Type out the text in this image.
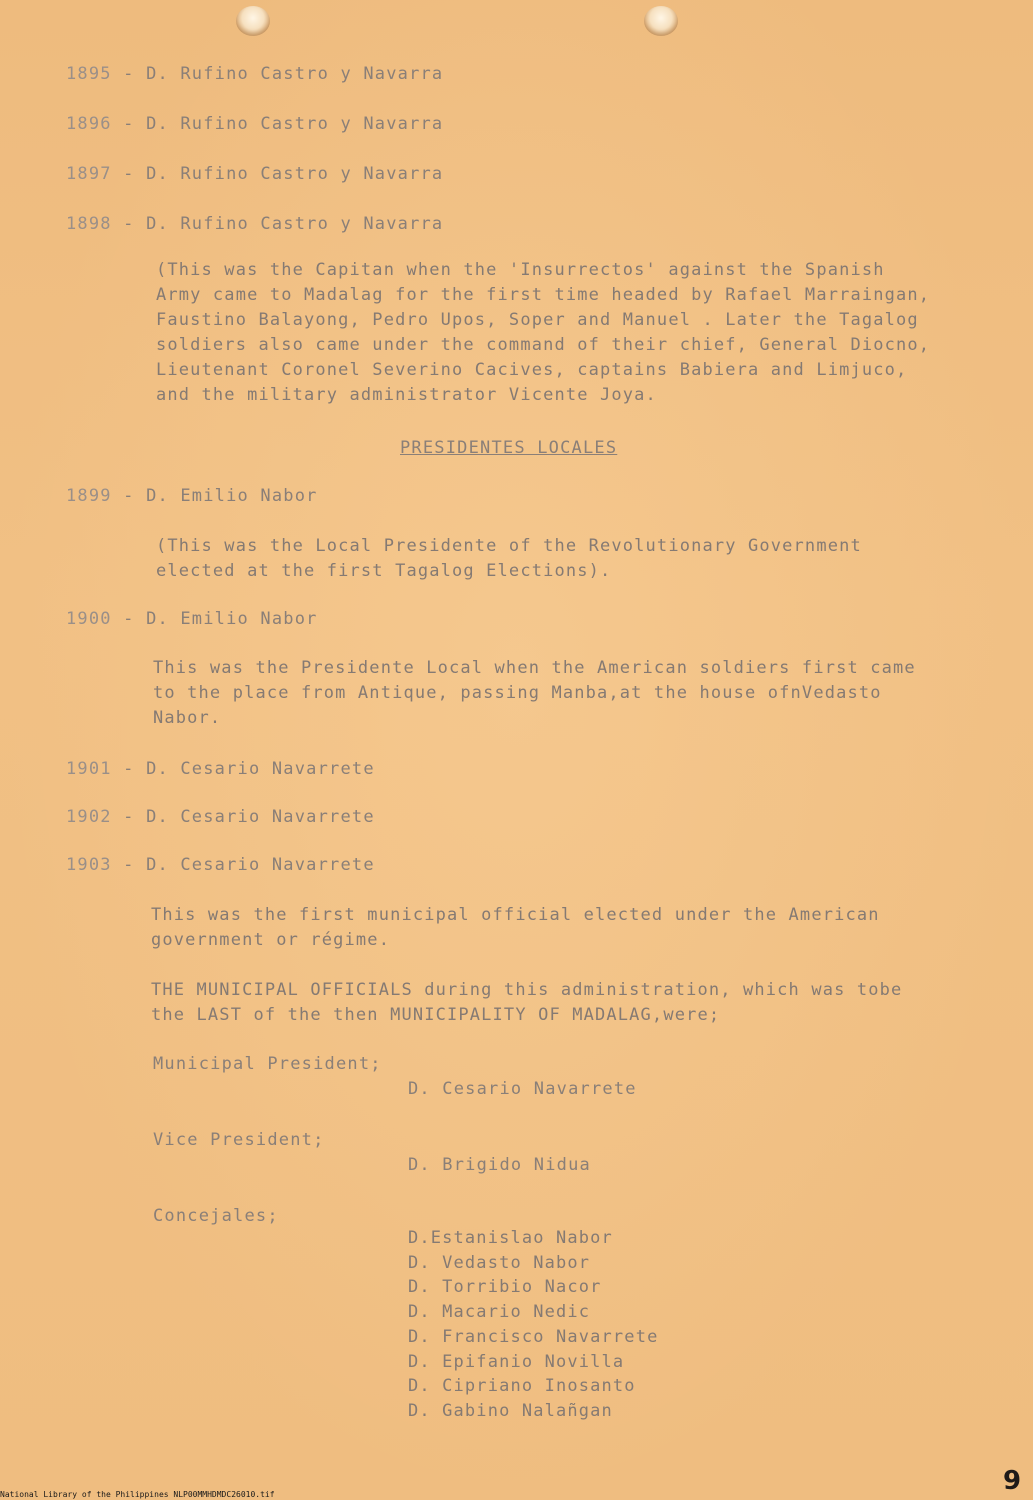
1895 - D. Rufino Castro y Navarra
1896 - D. Rufino Castro y Navarra
1897 - D. Rufino Castro y Navarra
1898 - D. Rufino Castro y Navarra
(This was the Capitan when the 'Insurrectos' against the Spanish
Army came to Madalag for the first time headed by Rafael Marraingan,
Faustino Balayong, Pedro Upos, Soper and Manuel . Later the Tagalog
soldiers also came under the command of their chief, General Diocno,
Lieutenant Coronel Severino Cacives, captains Babiera and Limjuco,
and the military administrator Vicente Joya.
PRESIDENTES LOCALES
1899 - D. Emilio Nabor
(This was the Local Presidente of the Revolutionary Government
elected at the first Tagalog Elections).
1900 - D. Emilio Nabor
This was the Presidente Local when the American soldiers first came
to the place from Antique, passing Manba,at the house ofnVedasto
Nabor.
1901 - D. Cesario Navarrete
1902 - D. Cesario Navarrete
1903 - D. Cesario Navarrete
This was the first municipal official elected under the American
government or régime.
THE MUNICIPAL OFFICIALS during this administration, which was tobe
the LAST of the then MUNICIPALITY OF MADALAG,were;
Municipal President;
D. Cesario Navarrete
Vice President;
D. Brigido Nidua
Concejales;
D.Estanislao Nabor
D. Vedasto Nabor
D. Torribio Nacor
D. Macario Nedic
D. Francisco Navarrete
D. Epifanio Novilla
D. Cipriano Inosanto
D. Gabino Nalañgan
National Library of the Philippines NLP00MMHDMDC26010.tif	9
